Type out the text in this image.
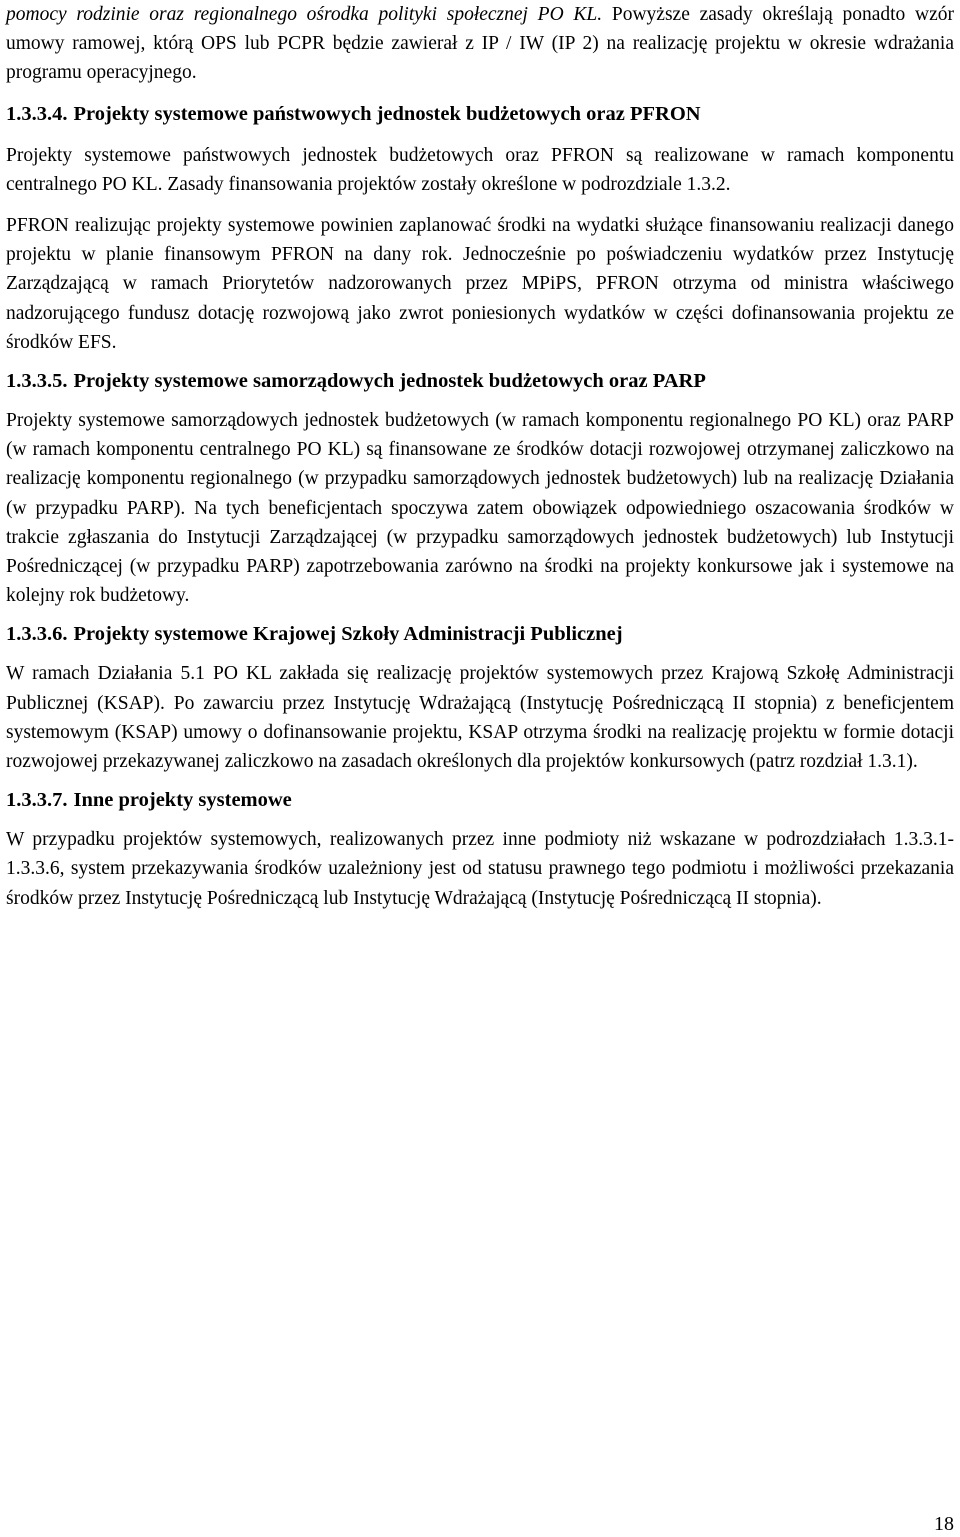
pomocy rodzinie oraz regionalnego ośrodka polityki społecznej PO KL. Powyższe zasady określają ponadto wzór umowy ramowej, którą OPS lub PCPR będzie zawierał z IP / IW (IP 2) na realizację projektu w okresie wdrażania programu operacyjnego.

1.3.3.4. Projekty systemowe państwowych jednostek budżetowych oraz PFRON

Projekty systemowe państwowych jednostek budżetowych oraz PFRON są realizowane w ramach komponentu centralnego PO KL. Zasady finansowania projektów zostały określone w podrozdziale 1.3.2.

PFRON realizując projekty systemowe powinien zaplanować środki na wydatki służące finansowaniu realizacji danego projektu w planie finansowym PFRON na dany rok. Jednocześnie po poświadczeniu wydatków przez Instytucję Zarządzającą w ramach Priorytetów nadzorowanych przez MPiPS, PFRON otrzyma od ministra właściwego nadzorującego fundusz dotację rozwojową jako zwrot poniesionych wydatków w części dofinansowania projektu ze środków EFS.

1.3.3.5. Projekty systemowe samorządowych jednostek budżetowych oraz PARP

Projekty systemowe samorządowych jednostek budżetowych (w ramach komponentu regionalnego PO KL) oraz PARP (w ramach komponentu centralnego PO KL) są finansowane ze środków dotacji rozwojowej otrzymanej zaliczkowo na realizację komponentu regionalnego (w przypadku samorządowych jednostek budżetowych) lub na realizację Działania (w przypadku PARP). Na tych beneficjentach spoczywa zatem obowiązek odpowiedniego oszacowania środków w trakcie zgłaszania do Instytucji Zarządzającej (w przypadku samorządowych jednostek budżetowych) lub Instytucji Pośredniczącej (w przypadku PARP) zapotrzebowania zarówno na środki na projekty konkursowe jak i systemowe na kolejny rok budżetowy.

1.3.3.6. Projekty systemowe Krajowej Szkoły Administracji Publicznej

W ramach Działania 5.1 PO KL zakłada się realizację projektów systemowych przez Krajową Szkołę Administracji Publicznej (KSAP). Po zawarciu przez Instytucję Wdrażającą (Instytucję Pośredniczącą II stopnia) z beneficjentem systemowym (KSAP) umowy o dofinansowanie projektu, KSAP otrzyma środki na realizację projektu w formie dotacji rozwojowej przekazywanej zaliczkowo na zasadach określonych dla projektów konkursowych (patrz rozdział 1.3.1).

1.3.3.7. Inne projekty systemowe

W przypadku projektów systemowych, realizowanych przez inne podmioty niż wskazane w podrozdziałach 1.3.3.1-1.3.3.6, system przekazywania środków uzależniony jest od statusu prawnego tego podmiotu i możliwości przekazania środków przez Instytucję Pośredniczącą lub Instytucję Wdrażającą (Instytucję Pośredniczącą II stopnia).

18
